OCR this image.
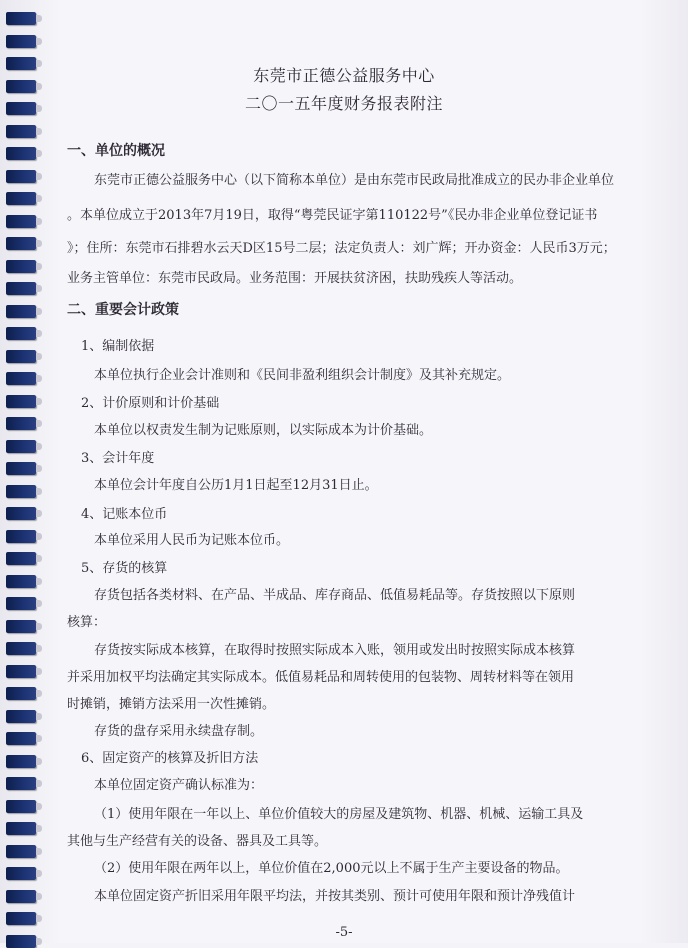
东莞市正德公益服务中心
二〇一五年度财务报表附注
一、单位的概况
东莞市正德公益服务中心（以下简称本单位）是由东莞市民政局批准成立的民办非企业单位
。本单位成立于2013年7月19日，取得“粤莞民证字第110122号”《民办非企业单位登记证书
》；住所：东莞市石排碧水云天D区15号二层；法定负责人：刘广辉；开办资金：人民币3万元；
业务主管单位：东莞市民政局。业务范围：开展扶贫济困，扶助残疾人等活动。
二、重要会计政策
1、编制依据
本单位执行企业会计准则和《民间非盈利组织会计制度》及其补充规定。
2、计价原则和计价基础
本单位以权责发生制为记账原则，以实际成本为计价基础。
3、会计年度
本单位会计年度自公历1月1日起至12月31日止。
4、记账本位币
本单位采用人民币为记账本位币。
5、存货的核算
存货包括各类材料、在产品、半成品、库存商品、低值易耗品等。存货按照以下原则
核算：
存货按实际成本核算，在取得时按照实际成本入账，领用或发出时按照实际成本核算
并采用加权平均法确定其实际成本。低值易耗品和周转使用的包装物、周转材料等在领用
时摊销，摊销方法采用一次性摊销。
存货的盘存采用永续盘存制。
6、固定资产的核算及折旧方法
本单位固定资产确认标准为：
（1）使用年限在一年以上、单位价值较大的房屋及建筑物、机器、机械、运输工具及
其他与生产经营有关的设备、器具及工具等。
（2）使用年限在两年以上，单位价值在2,000元以上不属于生产主要设备的物品。
本单位固定资产折旧采用年限平均法，并按其类别、预计可使用年限和预计净残值计
-5-
